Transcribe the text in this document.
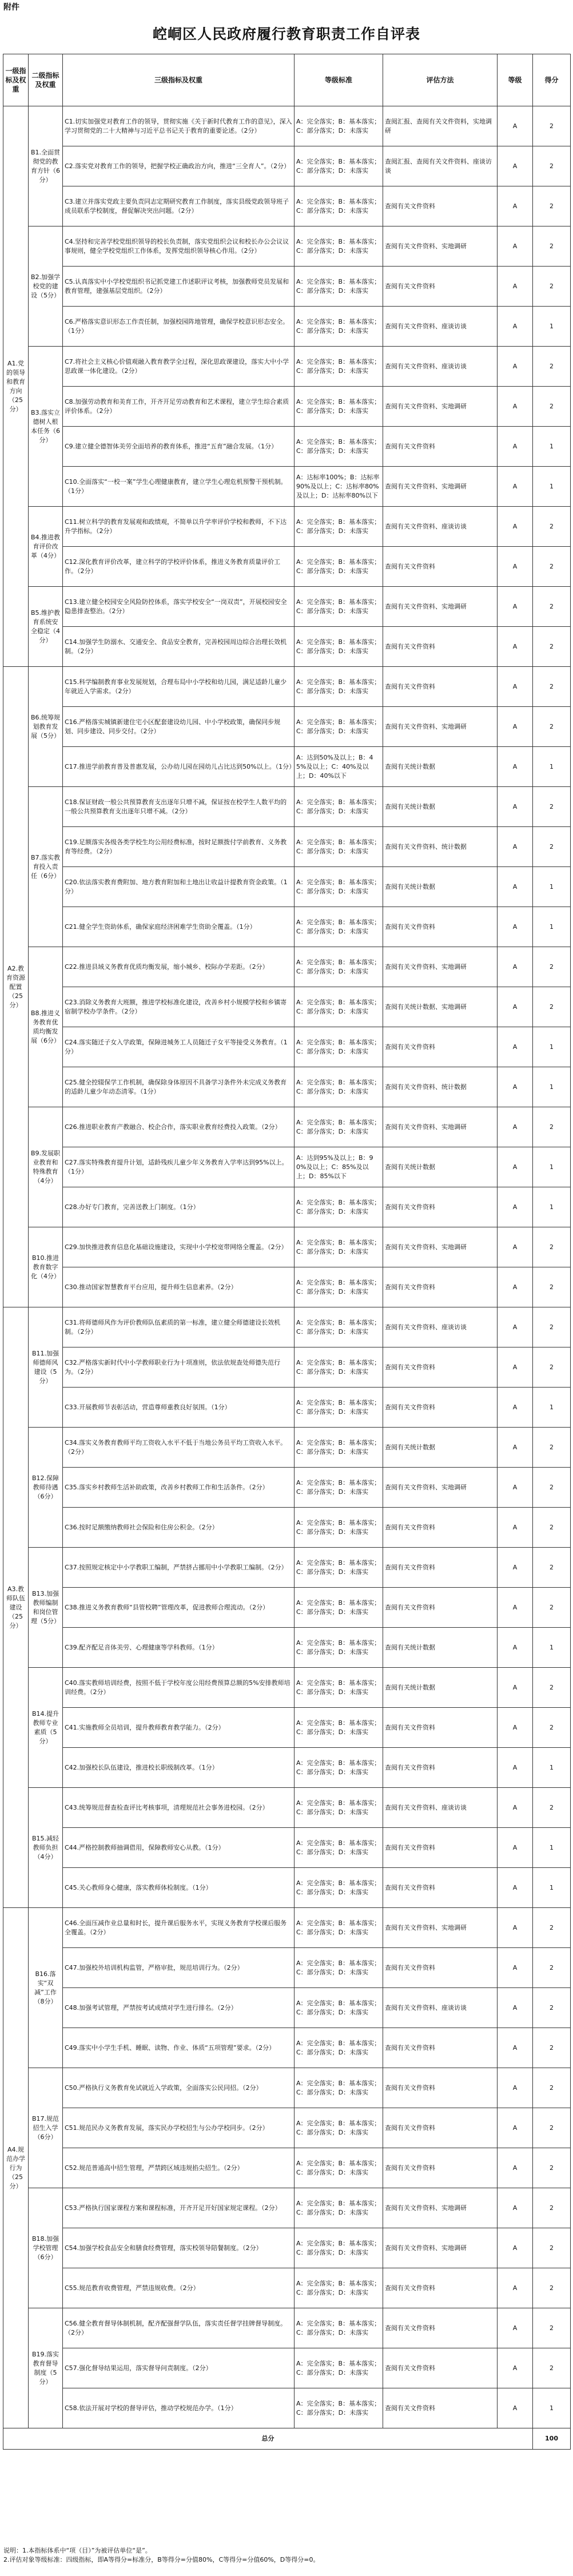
附件
崆峒区人民政府履行教育职责工作自评表
一级指标及权重	二级指标及权重	三级指标及权重	等级标准	评估方法	等级	得分
A1.党的领导和教育方向（25分）	B1.全面贯彻党的教育方针（6分）	C1.切实加强党对教育工作的领导，贯彻实施《关于新时代教育工作的意见》，深入学习贯彻党的二十大精神与习近平总书记关于教育的重要论述。（2分）	A：完全落实；B：基本落实；C：部分落实；D：未落实	查阅汇报、查阅有关文件资料，实地调研	A	2
		C2.落实党对教育工作的领导，把握学校正确政治方向，推进“三全育人”。（2分）	A：完全落实；B：基本落实；C：部分落实；D：未落实	查阅汇报、查阅有关文件资料、座谈访谈	A	2
		C3.建立并落实党政主要负责同志定期研究教育工作制度，落实县级党政领导班子成员联系学校制度，督促解决突出问题。（2分）	A：完全落实；B：基本落实；C：部分落实；D：未落实	查阅有关文件资料	A	2
	B2.加强学校党的建设（5分）	C4.坚持和完善学校党组织领导的校长负责制，落实党组织会议和校长办公会议议事规则，健全学校党组织工作体系，发挥党组织领导核心作用。（2分）	A：完全落实；B：基本落实；C：部分落实；D：未落实	查阅有关文件资料、实地调研	A	2
		C5.认真落实中小学校党组织书记抓党建工作述职评议考核，加强教师党员发展和教育管理，建强基层党组织。（2分）	A：完全落实；B：基本落实；C：部分落实；D：未落实	查阅有关文件资料	A	2
		C6.严格落实意识形态工作责任制，加强校园阵地管理，确保学校意识形态安全。（1分）	A：完全落实；B：基本落实；C：部分落实；D：未落实	查阅有关文件资料、座谈访谈	A	1
	B3.落实立德树人根本任务（6分）	C7.将社会主义核心价值观融入教育教学全过程，深化思政课建设，落实大中小学思政课一体化建设。（2分）	A：完全落实；B：基本落实；C：部分落实；D：未落实	查阅有关文件资料、座谈访谈	A	2
		C8.加强劳动教育和美育工作，开齐开足劳动教育和艺术课程，建立学生综合素质评价体系。（2分）	A：完全落实；B：基本落实；C：部分落实；D：未落实	查阅有关文件资料、实地调研	A	2
		C9.建立健全德智体美劳全面培养的教育体系，推进“五育”融合发展。（1分）	A：完全落实；B：基本落实；C：部分落实；D：未落实	查阅有关文件资料	A	1
		C10.全面落实“一校一案”学生心理健康教育，建立学生心理危机预警干预机制。（1分）	A：达标率100%；B：达标率90%及以上；C：达标率80%及以上；D：达标率80%以下	查阅有关文件资料、实地调研	A	1
	B4.推进教育评价改革（4分）	C11.树立科学的教育发展观和政绩观，不简单以升学率评价学校和教师，不下达升学指标。（2分）	A：完全落实；B：基本落实；C：部分落实；D：未落实	查阅有关文件资料、座谈访谈	A	2
		C12.深化教育评价改革，建立科学的学校评价体系，推进义务教育质量评价工作。（2分）	A：完全落实；B：基本落实；C：部分落实；D：未落实	查阅有关文件资料	A	2
	B5.维护教育系统安全稳定（4分）	C13.建立健全校园安全风险防控体系，落实学校安全“一岗双责”，开展校园安全隐患排查整治。（2分）	A：完全落实；B：基本落实；C：部分落实；D：未落实	查阅有关文件资料、实地调研	A	2
		C14.加强学生防溺水、交通安全、食品安全教育，完善校园周边综合治理长效机制。（2分）	A：完全落实；B：基本落实；C：部分落实；D：未落实	查阅有关文件资料	A	2
A2.教育资源配置（25分）	B6.统筹规划教育发展（5分）	C15.科学编制教育事业发展规划，合理布局中小学校和幼儿园，满足适龄儿童少年就近入学需求。（2分）	A：完全落实；B：基本落实；C：部分落实；D：未落实	查阅有关文件资料	A	2
		C16.严格落实城镇新建住宅小区配套建设幼儿园、中小学校政策，确保同步规划、同步建设、同步交付。（2分）	A：完全落实；B：基本落实；C：部分落实；D：未落实	查阅有关文件资料、实地调研	A	2
		C17.推进学前教育普及普惠发展，公办幼儿园在园幼儿占比达到50%以上。（1分）	A：达到50%及以上；B：45%及以上；C：40%及以上；D：40%以下	查阅有关统计数据	A	1
	B7.落实教育投入责任（6分）	C18.保证财政一般公共预算教育支出逐年只增不减，保证按在校学生人数平均的一般公共预算教育支出逐年只增不减。（2分）	A：完全落实；B：基本落实；C：部分落实；D：未落实	查阅有关统计数据	A	2
		C19.足额落实各级各类学校生均公用经费标准，按时足额拨付学前教育、义务教育等经费。（2分）	A：完全落实；B：基本落实；C：部分落实；D：未落实	查阅有关文件资料、统计数据	A	2
		C20.依法落实教育费附加、地方教育附加和土地出让收益计提教育资金政策。（1分）	A：完全落实；B：基本落实；C：部分落实；D：未落实	查阅有关统计数据	A	1
		C21.健全学生资助体系，确保家庭经济困难学生资助全覆盖。（1分）	A：完全落实；B：基本落实；C：部分落实；D：未落实	查阅有关文件资料	A	1
	B8.推进义务教育优质均衡发展（6分）	C22.推进县域义务教育优质均衡发展，缩小城乡、校际办学差距。（2分）	A：完全落实；B：基本落实；C：部分落实；D：未落实	查阅有关文件资料、实地调研	A	2
		C23.消除义务教育大班额，推进学校标准化建设，改善乡村小规模学校和乡镇寄宿制学校办学条件。（2分）	A：完全落实；B：基本落实；C：部分落实；D：未落实	查阅有关统计数据、实地调研	A	2
		C24.落实随迁子女入学政策，保障进城务工人员随迁子女平等接受义务教育。（1分）	A：完全落实；B：基本落实；C：部分落实；D：未落实	查阅有关文件资料	A	1
		C25.健全控辍保学工作机制，确保除身体原因不具备学习条件外未完成义务教育的适龄儿童少年动态清零。（1分）	A：完全落实；B：基本落实；C：部分落实；D：未落实	查阅有关文件资料、统计数据	A	1
	B9.发展职业教育和特殊教育（4分）	C26.推进职业教育产教融合、校企合作，落实职业教育经费投入政策。（2分）	A：完全落实；B：基本落实；C：部分落实；D：未落实	查阅有关文件资料、实地调研	A	2
		C27.落实特殊教育提升计划，适龄残疾儿童少年义务教育入学率达到95%以上。（1分）	A：达到95%及以上；B：90%及以上；C：85%及以上；D：85%以下	查阅有关统计数据	A	1
		C28.办好专门教育，完善送教上门制度。（1分）	A：完全落实；B：基本落实；C：部分落实；D：未落实	查阅有关文件资料	A	1
	B10.推进教育数字化（4分）	C29.加快推进教育信息化基础设施建设，实现中小学校宽带网络全覆盖。（2分）	A：完全落实；B：基本落实；C：部分落实；D：未落实	查阅有关文件资料、实地调研	A	2
		C30.推动国家智慧教育平台应用，提升师生信息素养。（2分）	A：完全落实；B：基本落实；C：部分落实；D：未落实	查阅有关文件资料	A	2
A3.教师队伍建设（25分）	B11.加强师德师风建设（5分）	C31.将师德师风作为评价教师队伍素质的第一标准，建立健全师德建设长效机制。（2分）	A：完全落实；B：基本落实；C：部分落实；D：未落实	查阅有关文件资料、座谈访谈	A	2
		C32.严格落实新时代中小学教师职业行为十项准则，依法依规查处师德失范行为。（2分）	A：完全落实；B：基本落实；C：部分落实；D：未落实	查阅有关文件资料	A	2
		C33.开展教师节表彰活动，营造尊师重教良好氛围。（1分）	A：完全落实；B：基本落实；C：部分落实；D：未落实	查阅有关文件资料	A	1
	B12.保障教师待遇（6分）	C34.落实义务教育教师平均工资收入水平不低于当地公务员平均工资收入水平。（2分）	A：完全落实；B：基本落实；C：部分落实；D：未落实	查阅有关统计数据	A	2
		C35.落实乡村教师生活补助政策，改善乡村教师工作和生活条件。（2分）	A：完全落实；B：基本落实；C：部分落实；D：未落实	查阅有关文件资料、实地调研	A	2
		C36.按时足额缴纳教师社会保险和住房公积金。（2分）	A：完全落实；B：基本落实；C：部分落实；D：未落实	查阅有关文件资料	A	2
	B13.加强教师编制和岗位管理（5分）	C37.按照规定核定中小学教职工编制，严禁挤占挪用中小学教职工编制。（2分）	A：完全落实；B：基本落实；C：部分落实；D：未落实	查阅有关文件资料	A	2
		C38.推进义务教育教师“县管校聘”管理改革，促进教师合理流动。（2分）	A：完全落实；B：基本落实；C：部分落实；D：未落实	查阅有关文件资料	A	2
		C39.配齐配足音体美劳、心理健康等学科教师。（1分）	A：完全落实；B：基本落实；C：部分落实；D：未落实	查阅有关统计数据	A	1
	B14.提升教师专业素质（5分）	C40.落实教师培训经费，按照不低于学校年度公用经费预算总额的5%安排教师培训经费。（2分）	A：完全落实；B：基本落实；C：部分落实；D：未落实	查阅有关统计数据	A	2
		C41.实施教师全员培训，提升教师教育教学能力。（2分）	A：完全落实；B：基本落实；C：部分落实；D：未落实	查阅有关文件资料	A	2
		C42.加强校长队伍建设，推进校长职级制改革。（1分）	A：完全落实；B：基本落实；C：部分落实；D：未落实	查阅有关文件资料	A	1
	B15.减轻教师负担（4分）	C43.统筹规范督查检查评比考核事项，清理规范社会事务进校园。（2分）	A：完全落实；B：基本落实；C：部分落实；D：未落实	查阅有关文件资料、座谈访谈	A	2
		C44.严格控制教师抽调借用，保障教师安心从教。（1分）	A：完全落实；B：基本落实；C：部分落实；D：未落实	查阅有关文件资料	A	1
		C45.关心教师身心健康，落实教师体检制度。（1分）	A：完全落实；B：基本落实；C：部分落实；D：未落实	查阅有关文件资料	A	1
A4.规范办学行为（25分）	B16.落实“双减”工作（8分）	C46.全面压减作业总量和时长，提升课后服务水平，实现义务教育学校课后服务全覆盖。（2分）	A：完全落实；B：基本落实；C：部分落实；D：未落实	查阅有关文件资料、实地调研	A	2
		C47.加强校外培训机构监管，严格审批，规范培训行为。（2分）	A：完全落实；B：基本落实；C：部分落实；D：未落实	查阅有关文件资料	A	2
		C48.加强考试管理，严禁按考试成绩对学生进行排名。（2分）	A：完全落实；B：基本落实；C：部分落实；D：未落实	查阅有关文件资料、座谈访谈	A	2
		C49.落实中小学生手机、睡眠、读物、作业、体质“五项管理”要求。（2分）	A：完全落实；B：基本落实；C：部分落实；D：未落实	查阅有关文件资料	A	2
	B17.规范招生入学（6分）	C50.严格执行义务教育免试就近入学政策，全面落实公民同招。（2分）	A：完全落实；B：基本落实；C：部分落实；D：未落实	查阅有关文件资料	A	2
		C51.规范民办义务教育发展，落实民办学校招生与公办学校同步。（2分）	A：完全落实；B：基本落实；C：部分落实；D：未落实	查阅有关文件资料	A	2
		C52.规范普通高中招生管理，严禁跨区域违规掐尖招生。（2分）	A：完全落实；B：基本落实；C：部分落实；D：未落实	查阅有关文件资料	A	2
	B18.加强学校管理（6分）	C53.严格执行国家课程方案和课程标准，开齐开足开好国家规定课程。（2分）	A：完全落实；B：基本落实；C：部分落实；D：未落实	查阅有关文件资料、实地调研	A	2
		C54.加强学校食品安全和膳食经费管理，落实校领导陪餐制度。（2分）	A：完全落实；B：基本落实；C：部分落实；D：未落实	查阅有关文件资料、实地调研	A	2
		C55.规范教育收费管理，严禁违规收费。（2分）	A：完全落实；B：基本落实；C：部分落实；D：未落实	查阅有关文件资料	A	2
	B19.落实教育督导制度（5分）	C56.健全教育督导体制机制，配齐配强督学队伍，落实责任督学挂牌督导制度。（2分）	A：完全落实；B：基本落实；C：部分落实；D：未落实	查阅有关文件资料	A	2
		C57.强化督导结果运用，落实督导问责制度。（2分）	A：完全落实；B：基本落实；C：部分落实；D：未落实	查阅有关文件资料	A	2
		C58.依法开展对学校的督导评估，推动学校规范办学。（1分）	A：完全落实；B：基本落实；C：部分落实；D：未落实	查阅有关文件资料	A	1
总分						100
说明：1.本指标体系中“项（目）”为被评估单位“是”。
2.评估对象等级标准：四级指标，即A等得分=标准分，B等得分=分值80%，C等得分=分值60%，D等得分=0。
